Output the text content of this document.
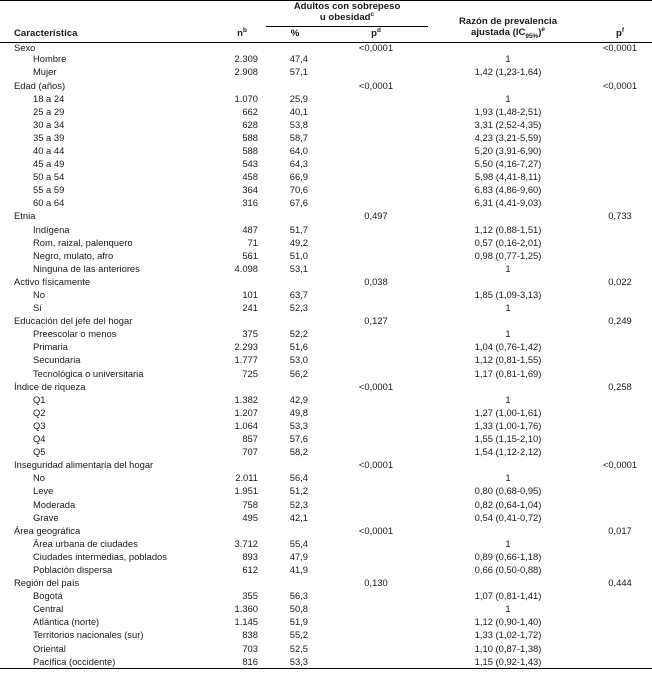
Característica	$n^b$	Adultos con sobrepeso
u obesidad$^c$		Razón de prevalencia
ajustada $(IC_{95\%})^e$	$p^f$
		%	$p^d$

Sexo			<0,0001		<0,0001
Hombre	2.309	47,4		1	
Mujer	2.908	57,1		1,42 (1,23-1,64)	
Edad (años)			<0,0001		<0,0001
18 a 24	1.070	25,9		1	
25 a 29	662	40,1		1,93 (1,48-2,51)	
30 a 34	628	53,8		3,31 (2,52-4,35)	
35 a 39	588	58,7		4,23 (3,21-5,59)	
40 a 44	588	64,0		5,20 (3,91-6,90)	
45 a 49	543	64,3		5,50 (4,16-7,27)	
50 a 54	458	66,9		5,98 (4,41-8,11)	
55 a 59	364	70,6		6,83 (4,86-9,60)	
60 a 64	316	67,6		6,31 (4,41-9,03)	
Etnia			0,497		0,733
Indígena	487	51,7		1,12 (0,88-1,51)	
Rom, raizal, palenquero	71	49,2		0,57 (0,16-2,01)	
Negro, mulato, afro	561	51,0		0,98 (0,77-1,25)	
Ninguna de las anteriores	4.098	53,1		1	
Activo físicamente			0,038		0,022
No	101	63,7		1,85 (1,09-3,13)	
Sí	241	52,3		1	
Educación del jefe del hogar			0,127		0,249
Preescolar o menos	375	52,2		1	
Primaria	2.293	51,6		1,04 (0,76-1,42)	
Secundaria	1.777	53,0		1,12 (0,81-1,55)	
Tecnológica o universitaria	725	56,2		1,17 (0,81-1,69)	
Índice de riqueza			<0,0001		0,258
Q1	1.382	42,9		1	
Q2	1.207	49,8		1,27 (1,00-1,61)	
Q3	1.064	53,3		1,33 (1,00-1,76)	
Q4	857	57,6		1,55 (1,15-2,10)	
Q5	707	58,2		1,54 (1,12-2,12)	
Inseguridad alimentaria del hogar			<0,0001		<0,0001
No	2.011	56,4		1	
Leve	1.951	51,2		0,80 (0,68-0,95)	
Moderada	758	52,3		0,82 (0,64-1,04)	
Grave	495	42,1		0,54 (0,41-0,72)	
Área geográfica			<0,0001		0,017
Área urbana de ciudades	3.712	55,4		1	
Ciudades intermedias, poblados	893	47,9		0,89 (0,66-1,18)	
Población dispersa	612	41,9		0,66 (0,50-0,88)	
Región del país			0,130		0,444
Bogotá	355	56,3		1,07 (0,81-1,41)	
Central	1.360	50,8		1	
Atlántica (norte)	1.145	51,9		1,12 (0,90-1,40)	
Territorios nacionales (sur)	838	55,2		1,33 (1,02-1,72)	
Oriental	703	52,5		1,10 (0,87-1,38)	
Pacífica (occidente)	816	53,3		1,15 (0,92-1,43)	
